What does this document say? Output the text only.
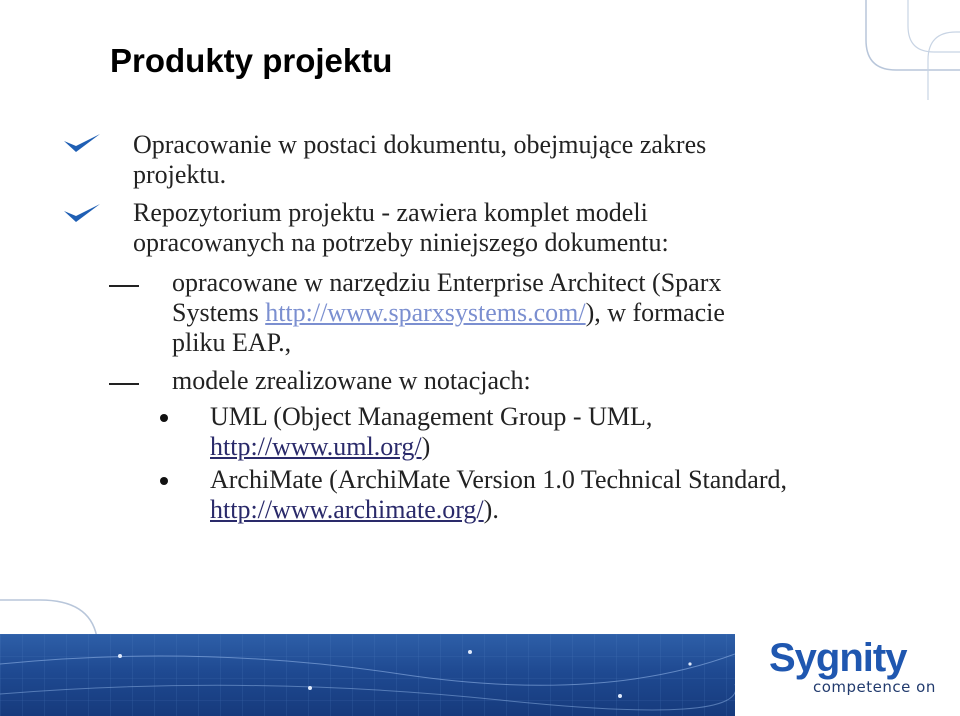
Produkty projektu
Opracowanie w postaci dokumentu, obejmujące zakres
projektu.
Repozytorium projektu - zawiera komplet modeli
opracowanych na potrzeby niniejszego dokumentu:
opracowane w narzędziu Enterprise Architect (Sparx
Systems http://www.sparxsystems.com/), w formacie
pliku EAP.,
modele zrealizowane w notacjach:
UML (Object Management Group - UML,
http://www.uml.org/)
ArchiMate (ArchiMate Version 1.0 Technical Standard,
http://www.archimate.org/).
Sygnity
competence on
